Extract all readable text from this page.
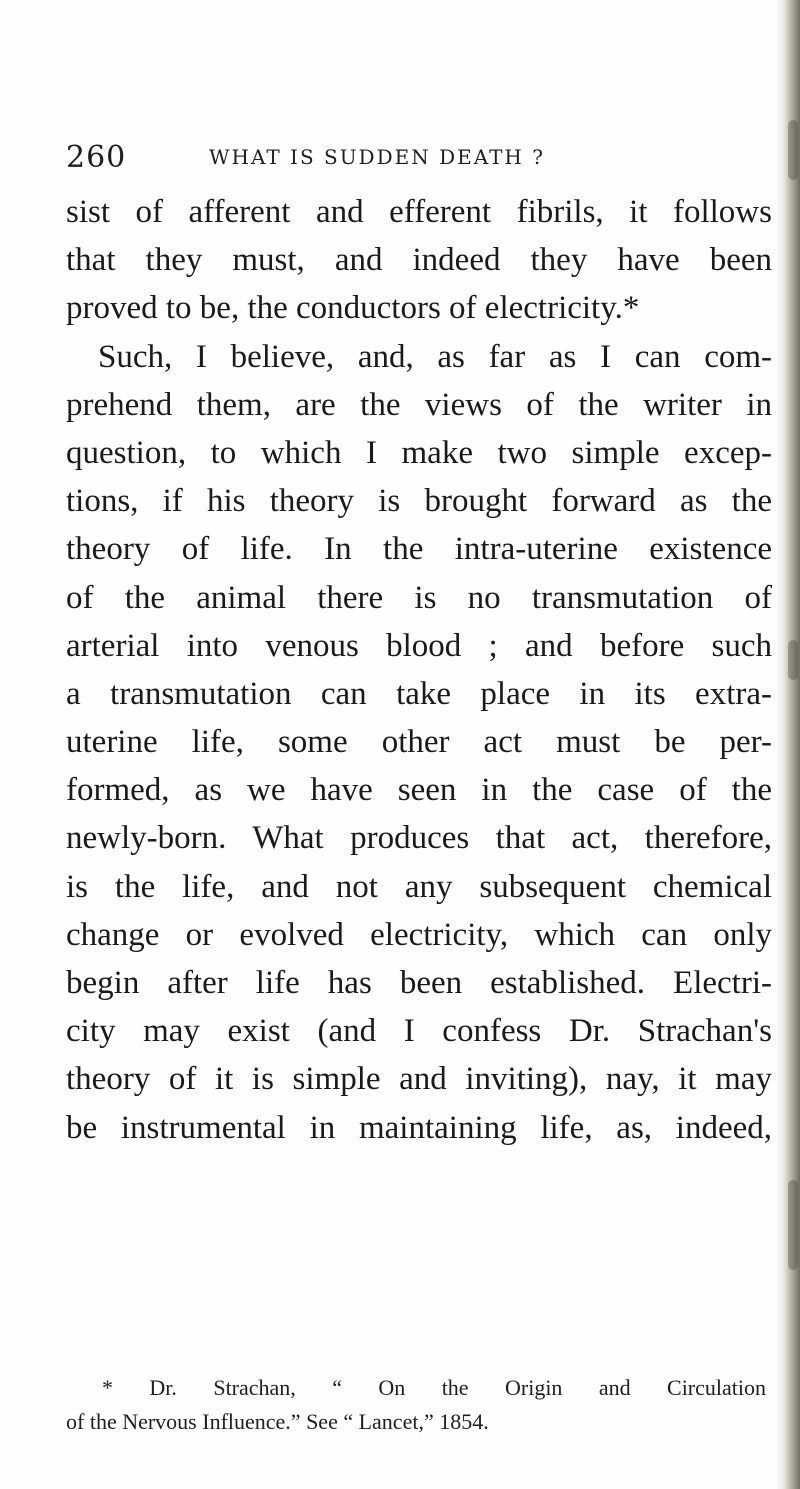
260	WHAT IS SUDDEN DEATH ?
sist of afferent and efferent fibrils, it follows
that they must, and indeed they have been
proved to be, the conductors of electricity.*
Such, I believe, and, as far as I can com-
prehend them, are the views of the writer in
question, to which I make two simple excep-
tions, if his theory is brought forward as the
theory of life. In the intra-uterine existence
of the animal there is no transmutation of
arterial into venous blood ; and before such
a transmutation can take place in its extra-
uterine life, some other act must be per-
formed, as we have seen in the case of the
newly-born. What produces that act, therefore,
is the life, and not any subsequent chemical
change or evolved electricity, which can only
begin after life has been established. Electri-
city may exist (and I confess Dr. Strachan's
theory of it is simple and inviting), nay, it may
be instrumental in maintaining life, as, indeed,
* Dr. Strachan, “ On the Origin and Circulation
of the Nervous Influence.” See “ Lancet,” 1854.
